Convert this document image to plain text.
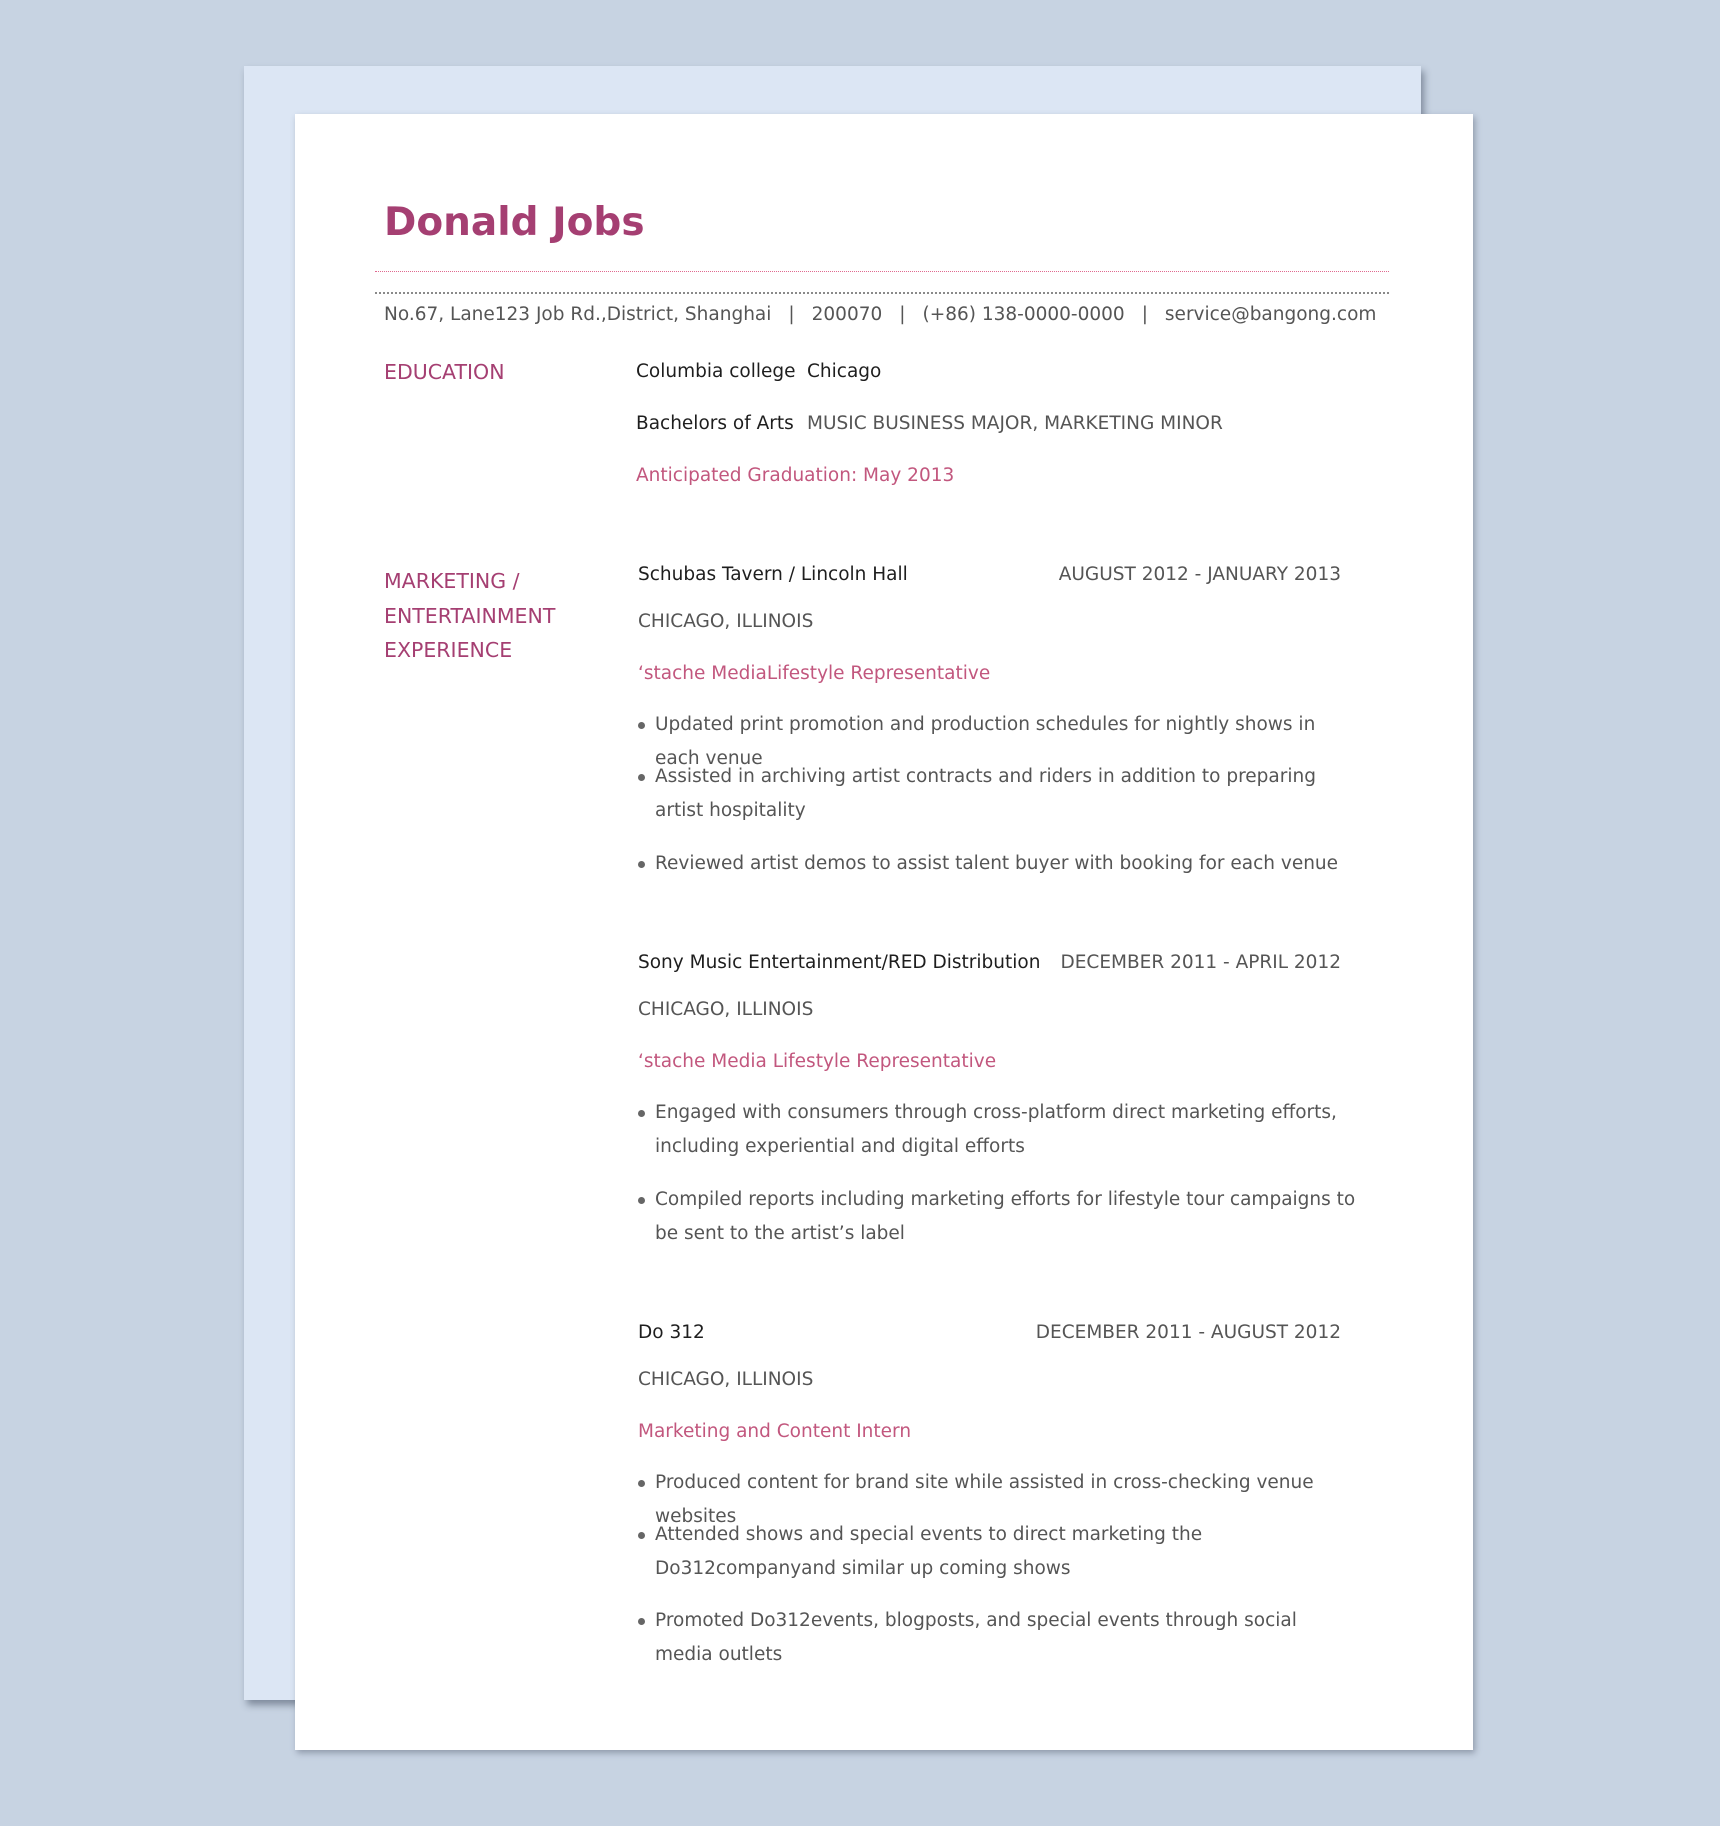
Donald Jobs
No.67, Lane123 Job Rd.,District, Shanghai | 200070 | (+86) 138-0000-0000 | service@bangong.com
EDUCATION	Columbia college Chicago
Bachelors of Arts MUSIC BUSINESS MAJOR, MARKETING MINOR
Anticipated Graduation: May 2013
MARKETING /
ENTERTAINMENT
EXPERIENCE
Schubas Tavern / Lincoln Hall	AUGUST 2012 - JANUARY 2013
CHICAGO, ILLINOIS
‘stache MediaLifestyle Representative
Updated print promotion and production schedules for nightly shows in each venue
Assisted in archiving artist contracts and riders in addition to preparing artist hospitality
Reviewed artist demos to assist talent buyer with booking for each venue
Sony Music Entertainment/RED Distribution DECEMBER 2011 - APRIL 2012
CHICAGO, ILLINOIS
‘stache Media Lifestyle Representative
Engaged with consumers through cross-platform direct marketing efforts, including experiential and digital efforts
Compiled reports including marketing efforts for lifestyle tour campaigns to be sent to the artist’s label
Do 312	DECEMBER 2011 - AUGUST 2012
CHICAGO, ILLINOIS
Marketing and Content Intern
Produced content for brand site while assisted in cross-checking venue websites
Attended shows and special events to direct marketing the Do312companyand similar up coming shows
Promoted Do312events, blogposts, and special events through social media outlets
